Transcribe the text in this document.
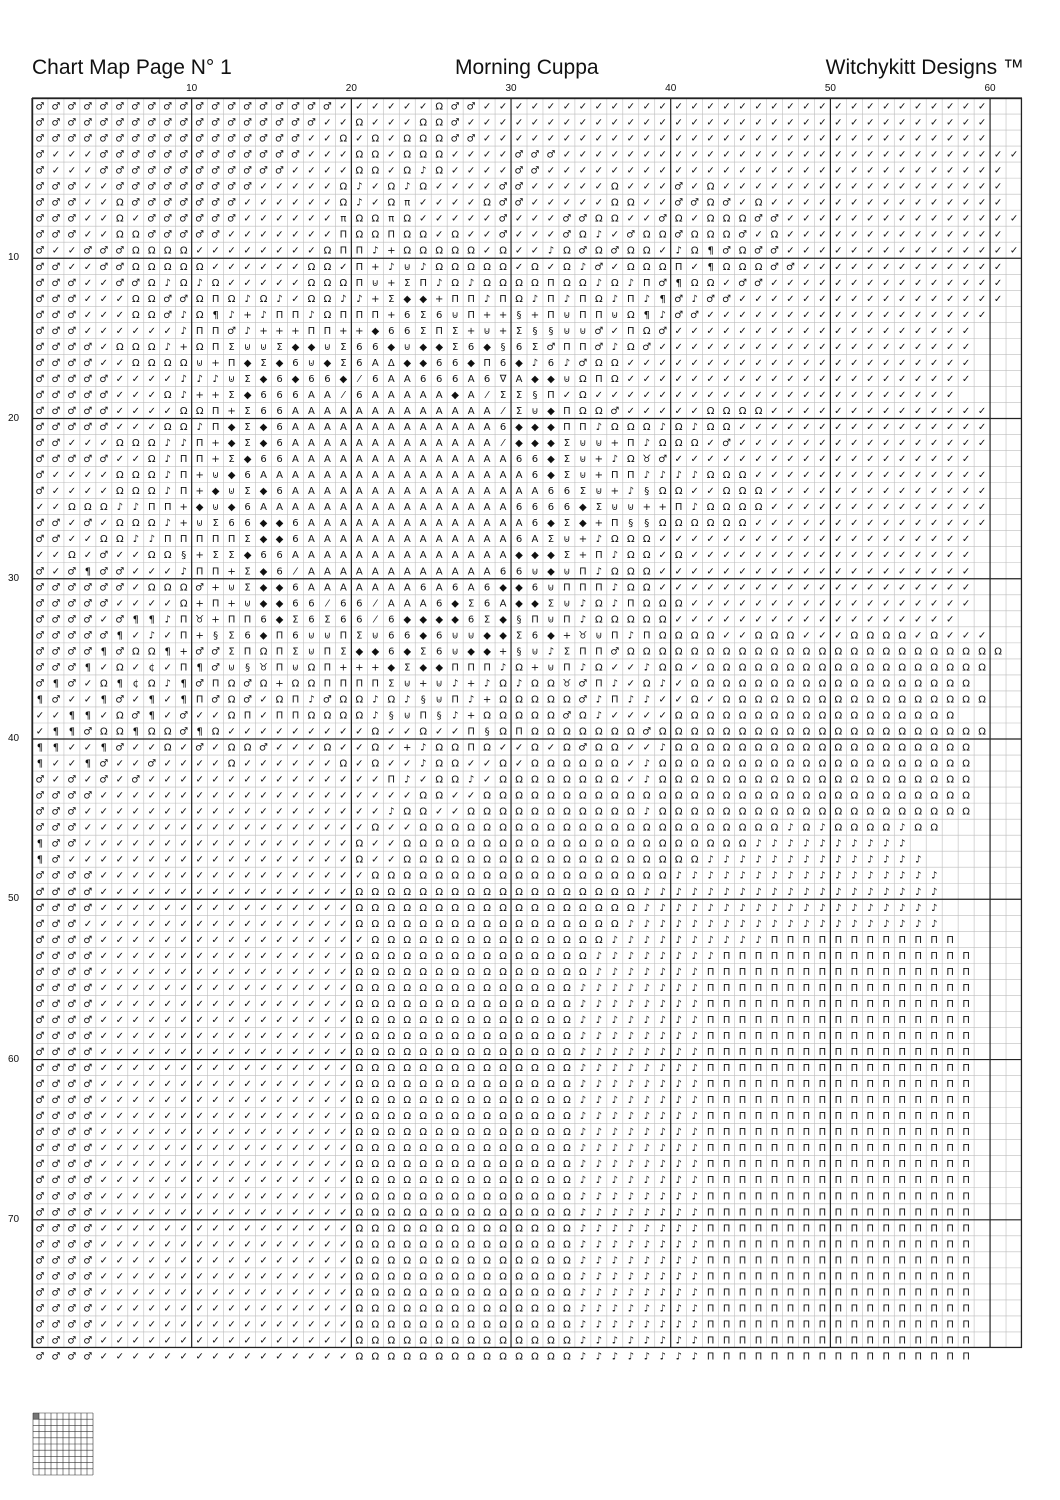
Chart Map Page N° 1	Morning Cuppa	Witchykitt Designs ™
10	20	30	40	50	60
10
20
30
40
50
60
70
♂ ♂ ♂ ♂ ♂ ♂ ♂ ♂ ♂ ♂ ♂ ♂ ♂ ♂ ♂ ♂ ♂ ♂ ♂ ✓ ✓ ✓ ✓ ✓ ✓ Ω ♂ ♂ ✓ ✓ ✓ ✓ ✓ ✓ ✓ ✓ ✓ ✓ ✓ ✓ ✓ ✓ ✓ ✓ ✓ ✓ ✓ ✓ ✓ ✓ ✓ ✓ ✓ ✓ ✓ ✓ ✓ ✓ ✓ ✓
♂ ♂ ♂ ♂ ♂ ♂ ♂ ♂ ♂ ♂ ♂ ♂ ♂ ♂ ♂ ♂ ♂ ♂ ✓ ✓ Ω ✓ ✓ ✓ Ω Ω ♂ ✓ ✓ ✓ ✓ ✓ ✓ ✓ ✓ ✓ ✓ ✓ ✓ ✓ ✓ ✓ ✓ ✓ ✓ ✓ ✓ ✓ ✓ ✓ ✓ ✓ ✓ ✓ ✓ ✓ ✓ ✓ ✓ ✓
♂ ♂ ♂ ♂ ♂ ♂ ♂ ♂ ♂ ♂ ♂ ♂ ♂ ♂ ♂ ♂ ♂ ✓ ✓ Ω ✓ Ω ✓ Ω Ω Ω ♂ ♂ ✓ ✓ ✓ ✓ ✓ ✓ ✓ ✓ ✓ ✓ ✓ ✓ ✓ ✓ ✓ ✓ ✓ ✓ ✓ ✓ ✓ ✓ ✓ ✓ ✓ ✓ ✓ ✓ ✓ ✓ ✓ ✓
♂ ✓ ✓ ✓ ♂ ♂ ♂ ♂ ♂ ♂ ♂ ♂ ♂ ♂ ♂ ♂ ♂ ✓ ✓ ✓ Ω Ω ✓ Ω Ω Ω ✓ ✓ ✓ ✓ ♂ ♂ ♂ ✓ ✓ ✓ ✓ ✓ ✓ ✓ ✓ ✓ ✓ ✓ ✓ ✓ ✓ ✓ ✓ ✓ ✓ ✓ ✓ ✓ ✓ ✓ ✓ ✓ ✓ ✓ ✓ ✓
♂ ✓ ✓ ✓ ♂ ♂ ♂ ♂ ♂ ♂ ♂ ♂ ♂ ♂ ♂ ♂ ✓ ✓ ✓ ✓ Ω Ω ✓ Ω ♪ Ω ✓ ✓ ✓ ✓ ♂ ♂ ✓ ✓ ✓ ✓ ✓ ✓ ✓ ✓ ✓ ✓ ✓ ✓ ✓ ✓ ✓ ✓ ✓ ✓ ✓ ✓ ✓ ✓ ✓ ✓ ✓ ✓ ✓ ✓ ✓
♂ ♂ ♂ ✓ ✓ ♂ ♂ ♂ ♂ ♂ ♂ ♂ ♂ ♂ ✓ ✓ ✓ ✓ ✓ Ω ♪ ✓ Ω ♪ Ω ✓ ✓ ✓ ✓ ♂ ♂ ✓ ✓ ✓ ✓ ✓ Ω ✓ ✓ ✓ ♂ ✓ Ω ✓ ✓ ✓ ✓ ✓ ✓ ✓ ✓ ✓ ✓ ✓ ✓ ✓ ✓ ✓ ✓ ✓ ✓
♂ ♂ ♂ ✓ ✓ Ω ♂ ♂ ♂ ♂ ♂ ♂ ♂ ✓ ✓ ✓ ✓ ✓ ✓ Ω ♪ ✓ Ω π ✓ ✓ ✓ ✓ Ω ♂ ♂ ✓ ✓ ✓ ✓ ✓ Ω Ω ✓ ✓ ♂ ♂ Ω ♂ ✓ Ω ✓ ✓ ✓ ✓ ✓ ✓ ✓ ✓ ✓ ✓ ✓ ✓ ✓ ✓ ✓
♂ ♂ ♂ ✓ ✓ Ω ✓ ♂ ♂ ♂ ♂ ♂ ♂ ✓ ✓ ✓ ✓ ✓ ✓ π Ω Ω π Ω ✓ ✓ ✓ ✓ ✓ ♂ ✓ ✓ ✓ ♂ ♂ Ω Ω ✓ ✓ ♂ Ω ✓ Ω Ω Ω ♂ ♂ ✓ ✓ ✓ ✓ ✓ ✓ ✓ ✓ ✓ ✓ ✓ ✓ ✓ ✓ ✓
♂ ♂ ♂ ✓ ✓ Ω Ω ♂ ♂ ♂ ♂ ♂ ✓ ✓ ✓ ✓ ✓ ✓ ✓ Π Ω Ω Π Ω Ω ✓ Ω ✓ ✓ ♂ ✓ ✓ ✓ ♂ Ω ♪ ✓ ♂ Ω Ω ♂ Ω Ω Ω ♂ ✓ Ω ✓ ✓ ✓ ✓ ✓ ✓ ✓ ✓ ✓ ✓ ✓ ✓ ✓ ✓
♂ ✓ ✓ ♂ ♂ ♂ Ω Ω Ω Ω ✓ ✓ ✓ ✓ ✓ ✓ ✓ ✓ Ω Π Π ♪ + Ω Ω Ω Ω Ω ✓ Ω ✓ ✓ ♪ Ω ♂ Ω ♂ Ω Ω ✓ ♪ Ω ¶ ♂ Ω ♂ ♂ ✓ ✓ ✓ ✓ ✓ ✓ ✓ ✓ ✓ ✓ ✓ ✓ ✓ ✓ ✓
♂ ♂ ✓ ✓ ♂ ♂ Ω Ω Ω Ω Ω ✓ ✓ ✓ ✓ ✓ ✓ Ω Ω ✓ Π + ♪ ⊍ ♪ Ω Ω Ω Ω Ω ✓ Ω ✓ Ω ♪ ♂ ✓ Ω Ω Ω Π ✓ ¶ Ω Ω Ω ♂ ♂ ✓ ✓ ✓ ✓ ✓ ✓ ✓ ✓ ✓ ✓ ✓ ✓ ✓
♂ ♂ ♂ ✓ ✓ ♂ ♂ Ω ♪ Ω ♪ Ω ✓ ✓ ✓ ✓ ✓ Ω Ω Ω Π ⊍ + Σ Π ♪ Ω ♪ Ω Ω Ω Ω Π Ω Ω ♪ Ω ♪ Π ♂ ¶ Ω Ω ✓ ♂ ♂ ✓ ✓ ✓ ✓ ✓ ✓ ✓ ✓ ✓ ✓ ✓ ✓ ✓ ✓ ✓
♂ ♂ ♂ ✓ ✓ ✓ Ω Ω ♂ ♂ Ω Π Ω ♪ Ω ♪ ✓ Ω Ω ♪ ♪ + Σ ◆ ◆ + Π Π ♪ Π Ω ♪ Π ♪ Π Ω ♪ Π ♪ ¶ ♂ ♪ ♂ ♂ ✓ ✓ ✓ ✓ ✓ ✓ ✓ ✓ ✓ ✓ ✓ ✓ ✓ ✓ ✓ ✓ ✓
♂ ♂ ♂ ✓ ✓ ✓ Ω Ω ♂ ♪ Ω ¶ ♪ + ♪ Π Π ♪ Ω Π Π Π + 6 Σ 6 ⊍ Π + + § + Π ⊍ Π Π ⊍ Ω ¶ ♪ ♂ ♂ ✓ ✓ ✓ ✓ ✓ ✓ ✓ ✓ ✓ ✓ ✓ ✓ ✓ ✓ ✓ ✓ ✓ ✓
♂ ♂ ♂ ✓ ✓ ✓ ✓ ✓ ✓ ♪ Π Π ♂ ♪ + + + Π Π + + ◆ 6 6 Σ Π Σ + ⊍ + Σ § § ⊍ ⊍ ♂ ✓ Π Ω ♂ ✓ ✓ ✓ ✓ ✓ ✓ ✓ ✓ ✓ ✓ ✓ ✓ ✓ ✓ ✓ ✓ ✓ ✓ ✓
♂ ♂ ♂ ♂ ✓ Ω Ω Ω ♪ + Ω Π Σ ⊍ ⊍ Σ ◆ ◆ ⊍ Σ 6 6 ◆ ⊍ ◆ ◆ Σ 6 ◆ § 6 Σ ♂ Π Π ♂ ♪ Ω ♂ ✓ ✓ ✓ ✓ ✓ ✓ ✓ ✓ ✓ ✓ ✓ ✓ ✓ ✓ ✓ ✓ ✓ ✓ ✓ ✓
♂ ♂ ♂ ♂ ✓ ✓ Ω Ω Ω Ω ⊍ + Π ◆ Σ ◆ 6 ⊍ ◆ Σ 6 A Δ ◆ ◆ 6 6 ◆ Π 6 ◆ ♪ 6 ♪ ♂ Ω Ω ✓ ✓ ✓ ✓ ✓ ✓ ✓ ✓ ✓ ✓ ✓ ✓ ✓ ✓ ✓ ✓ ✓ ✓ ✓ ✓ ✓ ✓
♂ ♂ ♂ ♂ ♂ ✓ ✓ ✓ ✓ ♪ ♪ ♪ ⊍ Σ ◆ 6 ◆ 6 6 ◆ ⁄ 6 A A 6 6 6 A 6 ∇ A ◆ ◆ ⊍ Ω Π Ω ✓ ✓ ✓ ✓ ✓ ✓ ✓ ✓ ✓ ✓ ✓ ✓ ✓ ✓ ✓ ✓ ✓ ✓ ✓ ✓ ✓ ✓
♂ ♂ ♂ ♂ ♂ ✓ ✓ ✓ Ω ♪ + + Σ ◆ 6 6 6 A A ⁄ 6 A A A A A ◆ A ⁄ Σ Σ § Π ✓ Ω ✓ ✓ ✓ ✓ ✓ ✓ ✓ ✓ ✓ ✓ ✓ ✓ ✓ ✓ ✓ ✓ ✓ ✓ ✓ ✓ ✓ ✓ ✓
♂ ♂ ♂ ♂ ♂ ✓ ✓ ✓ ✓ Ω Ω Π + Σ 6 6 A A A A A A A A A A A A A ⁄ Σ ⊍ ◆ Π Ω Ω ♂ ✓ ✓ ✓ ✓ ✓ Ω Ω Ω Ω ✓ ✓ ✓ ✓ ✓ ✓ ✓ ✓ ✓ ✓ ✓ ✓ ✓ ✓
♂ ♂ ♂ ♂ ♂ ✓ ✓ ✓ Ω Ω ♪ Π ◆ Σ ◆ 6 A A A A A A A A A A A A A 6 ◆ ◆ ◆ Π Π ♪ Ω Ω Ω ♪ Ω ♪ Ω Ω ✓ ✓ ✓ ✓ ✓ ✓ ✓ ✓ ✓ ✓ ✓ ✓ ✓ ✓ ✓ ✓
♂ ♂ ✓ ✓ ✓ Ω Ω Ω ♪ ♪ Π + ◆ Σ ◆ 6 A A A A A A A A A A A A A ⁄ ◆ ◆ ◆ Σ ⊍ ⊍ + Π ♪ Ω Ω Ω ✓ ♂ ✓ ✓ ✓ ✓ ✓ ✓ ✓ ✓ ✓ ✓ ✓ ✓ ✓ ✓ ✓ ✓
♂ ♂ ♂ ♂ ♂ ✓ ✓ Ω ♪ Π Π + Σ ◆ 6 6 A A A A A A A A A A A A A A 6 6 ◆ Σ ⊍ + ♪ Ω ♉ ♂ ✓ ✓ ✓ ✓ ✓ ✓ ✓ ✓ ✓ ✓ ✓ ✓ ✓ ✓ ✓ ✓ ✓ ✓ ✓
♂ ✓ ✓ ✓ ✓ Ω Ω Ω ♪ Π + ⊍ ◆ 6 A A A A A A A A A A A A A A A A A 6 ◆ Σ ⊍ + Π Π ♪ ♪ ♪ ♪ Ω Ω Ω ✓ ✓ ✓ ✓ ✓ ✓ ✓ ✓ ✓ ✓ ✓ ✓ ✓ ✓ ✓
♂ ✓ ✓ ✓ ✓ Ω Ω Ω ♪ Π + ◆ ⊍ Σ ◆ 6 A A A A A A A A A A A A A A A A 6 6 Σ ⊍ + ♪ § Ω Ω ✓ ✓ Ω Ω Ω ✓ ✓ ✓ ✓ ✓ ✓ ✓ ✓ ✓ ✓ ✓ ✓ ✓ ✓
✓ ✓ Ω Ω Ω ♪ ♪ Π Π + ◆ ⊍ ◆ 6 A A A A A A A A A A A A A A A A 6 6 6 6 ◆ Σ ⊍ ⊍ + + Π ♪ Ω Ω Ω Ω ✓ ✓ ✓ ✓ ✓ ✓ ✓ ✓ ✓ ✓ ✓ ✓ ✓ ✓
♂ ♂ ✓ ♂ ✓ Ω Ω Ω ♪ + ⊍ Σ 6 6 ◆ ◆ 6 A A A A A A A A A A A A A A 6 ◆ Σ ◆ + Π § § Ω Ω Ω Ω Ω Ω ✓ ✓ ✓ ✓ ✓ ✓ ✓ ✓ ✓ ✓ ✓ ✓ ✓ ✓ ✓
♂ ♂ ✓ ✓ Ω Ω ♪ ♪ Π Π Π Π Π Σ ◆ ◆ 6 A A A A A A A A A A A A A 6 A Σ ⊍ + ♪ Ω Ω Ω ✓ ✓ ✓ ✓ ✓ ✓ ✓ ✓ ✓ ✓ ✓ ✓ ✓ ✓ ✓ ✓ ✓ ✓ ✓ ✓
✓ ✓ Ω ✓ ♂ ✓ ✓ Ω Ω § + Σ Σ ◆ 6 6 A A A A A A A A A A A A A A ◆ ◆ ◆ Σ + Π ♪ Ω Ω ✓ Ω ✓ ✓ ✓ ✓ ✓ ✓ ✓ ✓ ✓ ✓ ✓ ✓ ✓ ✓ ✓ ✓ ✓ ✓
♂ ✓ ♂ ¶ ♂ ♂ ✓ ✓ ✓ ♪ Π Π + Σ ◆ 6 ⁄ A A A A A A A A A A A A 6 6 ⊍ ◆ ⊍ Π ♪ Ω Ω Ω ✓ ✓ ✓ ✓ ✓ ✓ ✓ ✓ ✓ ✓ ✓ ✓ ✓ ✓ ✓ ✓ ✓ ✓ ✓ ✓
♂ ♂ ♂ ♂ ♂ ♂ ✓ Ω Ω Ω ♂ + ⊍ Σ ◆ ◆ 6 A A A A A A A 6 A 6 A 6 ◆ ◆ 6 ⊍ Π Π Π ♪ Ω Ω ✓ ✓ ✓ ✓ ✓ ✓ ✓ ✓ ✓ ✓ ✓ ✓ ✓ ✓ ✓ ✓ ✓ ✓ ✓ ✓
♂ ♂ ♂ ♂ ♂ ✓ ✓ ✓ ✓ Ω + Π + ⊍ ◆ ◆ 6 6 ⁄ 6 6 ⁄ A A A 6 ◆ Σ 6 A ◆ ◆ Σ ⊍ ♪ Ω ♪ Π Ω Ω Ω ✓ ✓ ✓ ✓ ✓ ✓ ✓ ✓ ✓ ✓ ✓ ✓ ✓ ✓ ✓ ✓ ✓ ✓
♂ ♂ ♂ ♂ ✓ ♂ ¶ ¶ ♪ Π ♉ + Π Π 6 ◆ Σ 6 Σ 6 6 ⁄ 6 ◆ ◆ ◆ ◆ 6 Σ ◆ § Π ⊍ Π ♪ Ω Ω Ω Ω Ω ✓ ✓ ✓ ✓ ✓ ✓ ✓ ✓ ✓ ✓ ✓ ✓ ✓ ✓ ✓ ✓ ✓ ✓
♂ ♂ ♂ ♂ ♂ ¶ ✓ ♪ ✓ Π + § Σ 6 ◆ Π 6 ⊍ ⊍ Π Σ ⊍ 6 6 ◆ 6 ⊍ ⊍ ◆ ◆ Σ 6 ◆ + ♉ ⊍ Π ♪ Π Ω Ω Ω Ω ✓ ✓ Ω Ω Ω ✓ ✓ ✓ Ω Ω Ω Ω ✓ Ω ✓ ✓ ✓
♂ ♂ ♂ ♂ ¶ ♂ Ω Ω ¶ + ♂ ♂ Σ Π Ω Π Σ ⊍ Π Σ ◆ ◆ 6 ◆ Σ 6 ⊍ ◆ ◆ + § ⊍ ♪ Σ Π Π ♂ Ω Ω Ω Ω Ω Ω Ω Ω Ω Ω Ω Ω Ω Ω Ω Ω Ω Ω Ω Ω Ω Ω Ω Ω
♂ ♂ ♂ ¶ ✓ Ω ✓ ¢ ✓ Π ¶ ♂ ⊍ § ♉ Π ⊍ Ω Π + + + ◆ Σ ◆ ◆ Π Π Π ♪ Ω + ⊍ Π ♪ Ω ✓ ✓ ♪ Ω Ω ✓ Ω Ω Ω Ω Ω Ω Ω Ω Ω Ω Ω Ω Ω Ω Ω Ω Ω Ω
♂ ¶ ♂ ✓ Ω ¶ ¢ Ω ♪ ¶ ♂ Π Ω ♂ Ω + Ω Ω Π Π Π Π Σ ⊍ + ⊍ ♪ + ♪ Ω ♪ Ω Ω ♉ ♂ Π ♪ ✓ Ω ♪ ✓ Ω Ω Ω Ω Ω Ω Ω Ω Ω Ω Ω Ω Ω Ω Ω Ω Ω Ω
¶ ♂ ✓ ✓ ¶ ♂ ✓ ¶ ✓ ¶ Π ♂ Ω ♂ ✓ Ω Π ♪ ♂ Ω Ω ♪ Ω ♪ § ⊍ Π ♪ + Ω Ω Ω Ω Ω ♂ ♪ Π ♪ ♪ ✓ ✓ Ω ✓ Ω Ω Ω Ω Ω Ω Ω Ω Ω Ω Ω Ω Ω Ω Ω Ω Ω
✓ ✓ ¶ ¶ ✓ Ω ♂ ¶ ✓ ♂ ✓ ✓ Ω Π ✓ Π Π Ω Ω Ω Ω ♪ § ⊍ Π § ♪ + Ω Ω Ω Ω Ω ♂ Ω ♪ ✓ ✓ ✓ ✓ Ω Ω Ω Ω Ω Ω Ω Ω Ω Ω Ω Ω Ω Ω Ω Ω Ω Ω
✓ ¶ ¶ ♂ Ω Ω ¶ Ω Ω ♂ ¶ Ω ✓ ✓ ✓ ✓ ✓ ✓ ✓ ✓ ✓ Ω ✓ ✓ Ω ✓ ✓ Π § Ω Π Ω Ω Ω Ω Ω Ω Ω ♂ Ω Ω Ω Ω Ω Ω Ω Ω Ω Ω Ω Ω Ω Ω Ω Ω Ω Ω Ω Ω Ω
¶ ¶ ✓ ✓ ¶ ♂ ✓ ✓ Ω ✓ ♂ ✓ Ω Ω ♂ ✓ ✓ ✓ Ω ✓ ✓ Ω ✓ + ♪ Ω Ω Π Ω ✓ ✓ Ω ✓ Ω ♂ Ω Ω ✓ ✓ ♪ Ω Ω Ω Ω Ω Ω Ω Ω Ω Ω Ω Ω Ω Ω Ω Ω Ω Ω Ω
¶ ✓ ✓ ¶ ♂ ✓ ✓ ♂ ✓ ✓ ✓ ✓ Ω ✓ ✓ ✓ ✓ ✓ ✓ Ω ✓ Ω ✓ ✓ ♪ Ω Ω ✓ ✓ Ω ✓ Ω Ω Ω Ω Ω Ω ✓ ♪ Ω Ω Ω Ω Ω Ω Ω Ω Ω Ω Ω Ω Ω Ω Ω Ω Ω Ω Ω Ω
♂ ✓ ♂ ✓ ♂ ✓ ♂ ✓ ✓ ✓ ✓ ✓ ✓ ✓ ✓ ✓ ✓ ✓ ✓ ✓ ✓ ✓ Π ♪ ✓ Ω Ω ♪ ✓ Ω Ω Ω Ω Ω Ω Ω Ω ✓ ♪ Ω Ω Ω Ω Ω Ω Ω Ω Ω Ω Ω Ω Ω Ω Ω Ω Ω Ω Ω Ω
♂ ♂ ♂ ♂ ✓ ✓ ✓ ✓ ✓ ✓ ✓ ✓ ✓ ✓ ✓ ✓ ✓ ✓ ✓ ✓ ✓ ✓ ✓ ✓ Ω Ω ✓ ✓ Ω Ω Ω Ω Ω Ω Ω Ω Ω Ω Ω Ω Ω Ω Ω Ω Ω Ω Ω Ω Ω Ω Ω Ω Ω Ω Ω Ω Ω Ω Ω
♂ ♂ ♂ ✓ ✓ ✓ ✓ ✓ ✓ ✓ ✓ ✓ ✓ ✓ ✓ ✓ ✓ ✓ ✓ ✓ ✓ ✓ ♪ Ω Ω ✓ ✓ Ω Ω Ω Ω Ω Ω Ω Ω Ω Ω Ω ♪ Ω Ω Ω Ω Ω Ω Ω Ω Ω Ω Ω Ω Ω Ω Ω Ω Ω Ω Ω Ω
♂ ♂ ♂ ✓ ✓ ✓ ✓ ✓ ✓ ✓ ✓ ✓ ✓ ✓ ✓ ✓ ✓ ✓ ✓ ✓ ✓ Ω ✓ ✓ Ω Ω Ω Ω Ω Ω Ω Ω Ω Ω Ω Ω Ω Ω Ω Ω Ω Ω Ω Ω Ω Ω Ω ♪ Ω ♪ Ω Ω Ω Ω ♪ Ω Ω
¶ ♂ ♂ ✓ ✓ ✓ ✓ ✓ ✓ ✓ ✓ ✓ ✓ ✓ ✓ ✓ ✓ ✓ ✓ ✓ Ω ✓ ✓ Ω Ω Ω Ω Ω Ω Ω Ω Ω Ω Ω Ω Ω Ω Ω Ω Ω Ω Ω Ω Ω Ω ♪ ♪ ♪ ♪ ♪ ♪ ♪ ♪ ♪ ♪
¶ ♂ ✓ ✓ ✓ ✓ ✓ ✓ ✓ ✓ ✓ ✓ ✓ ✓ ✓ ✓ ✓ ✓ ✓ ✓ Ω ✓ ✓ Ω Ω Ω Ω Ω Ω Ω Ω Ω Ω Ω Ω Ω Ω Ω Ω Ω Ω Ω ♪ ♪ ♪ ♪ ♪ ♪ ♪ ♪ ♪ ♪ ♪ ♪ ♪ ♪
♂ ♂ ♂ ♂ ✓ ✓ ✓ ✓ ✓ ✓ ✓ ✓ ✓ ✓ ✓ ✓ ✓ ✓ ✓ ✓ ✓ Ω Ω Ω Ω Ω Ω Ω Ω Ω Ω Ω Ω Ω Ω Ω Ω Ω Ω Ω ♪ ♪ ♪ ♪ ♪ ♪ ♪ ♪ ♪ ♪ ♪ ♪ ♪ ♪ ♪ ♪ ♪
♂ ♂ ♂ ♂ ✓ ✓ ✓ ✓ ✓ ✓ ✓ ✓ ✓ ✓ ✓ ✓ ✓ ✓ ✓ ✓ Ω Ω Ω Ω Ω Ω Ω Ω Ω Ω Ω Ω Ω Ω Ω Ω Ω Ω ♪ ♪ ♪ ♪ ♪ ♪ ♪ ♪ ♪ ♪ ♪ ♪ ♪ ♪ ♪ ♪ ♪ ♪ ♪
♂ ♂ ♂ ♂ ✓ ✓ ✓ ✓ ✓ ✓ ✓ ✓ ✓ ✓ ✓ ✓ ✓ ✓ ✓ ✓ Ω Ω Ω Ω Ω Ω Ω Ω Ω Ω Ω Ω Ω Ω Ω Ω Ω Ω ♪ ♪ ♪ ♪ ♪ ♪ ♪ ♪ ♪ ♪ ♪ ♪ ♪ ♪ ♪ ♪ ♪ ♪ ♪
♂ ♂ ♂ ✓ ✓ ✓ ✓ ✓ ✓ ✓ ✓ ✓ ✓ ✓ ✓ ✓ ✓ ✓ ✓ ✓ Ω Ω Ω Ω Ω Ω Ω Ω Ω Ω Ω Ω Ω Ω Ω Ω Ω ♪ ♪ ♪ ♪ ♪ ♪ ♪ ♪ ♪ ♪ ♪ ♪ ♪ ♪ ♪ ♪ ♪ ♪ ♪ ♪
♂ ♂ ♂ ♂ ✓ ✓ ✓ ✓ ✓ ✓ ✓ ✓ ✓ ✓ ✓ ✓ ✓ ✓ ✓ ✓ ✓ Ω Ω Ω Ω Ω Ω Ω Ω Ω Ω Ω Ω Ω Ω Ω ♪ ♪ ♪ ♪ ♪ ♪ ♪ ♪ ♪ ♪ Π Π Π Π Π Π Π Π Π Π Π Π
♂ ♂ ♂ ♂ ✓ ✓ ✓ ✓ ✓ ✓ ✓ ✓ ✓ ✓ ✓ ✓ ✓ ✓ ✓ ✓ Ω Ω Ω Ω Ω Ω Ω Ω Ω Ω Ω Ω Ω Ω Ω ♪ ♪ ♪ ♪ ♪ ♪ ♪ ♪ Π Π Π Π Π Π Π Π Π Π Π Π Π Π Π Π
♂ ♂ ♂ ♂ ✓ ✓ ✓ ✓ ✓ ✓ ✓ ✓ ✓ ✓ ✓ ✓ ✓ ✓ ✓ ✓ Ω Ω Ω Ω Ω Ω Ω Ω Ω Ω Ω Ω Ω Ω Ω ♪ ♪ ♪ ♪ ♪ ♪ ♪ Π Π Π Π Π Π Π Π Π Π Π Π Π Π Π Π Π
♂ ♂ ♂ ♂ ✓ ✓ ✓ ✓ ✓ ✓ ✓ ✓ ✓ ✓ ✓ ✓ ✓ ✓ ✓ ✓ Ω Ω Ω Ω Ω Ω Ω Ω Ω Ω Ω Ω Ω Ω ♪ ♪ ♪ ♪ ♪ ♪ ♪ ♪ Π Π Π Π Π Π Π Π Π Π Π Π Π Π Π Π Π
♂ ♂ ♂ ♂ ✓ ✓ ✓ ✓ ✓ ✓ ✓ ✓ ✓ ✓ ✓ ✓ ✓ ✓ ✓ ✓ Ω Ω Ω Ω Ω Ω Ω Ω Ω Ω Ω Ω Ω Ω ♪ ♪ ♪ ♪ ♪ ♪ ♪ ♪ Π Π Π Π Π Π Π Π Π Π Π Π Π Π Π Π Π
♂ ♂ ♂ ♂ ✓ ✓ ✓ ✓ ✓ ✓ ✓ ✓ ✓ ✓ ✓ ✓ ✓ ✓ ✓ ✓ Ω Ω Ω Ω Ω Ω Ω Ω Ω Ω Ω Ω Ω Ω ♪ ♪ ♪ ♪ ♪ ♪ ♪ ♪ Π Π Π Π Π Π Π Π Π Π Π Π Π Π Π Π Π
♂ ♂ ♂ ♂ ✓ ✓ ✓ ✓ ✓ ✓ ✓ ✓ ✓ ✓ ✓ ✓ ✓ ✓ ✓ ✓ Ω Ω Ω Ω Ω Ω Ω Ω Ω Ω Ω Ω Ω Ω ♪ ♪ ♪ ♪ ♪ ♪ ♪ ♪ Π Π Π Π Π Π Π Π Π Π Π Π Π Π Π Π Π
♂ ♂ ♂ ♂ ✓ ✓ ✓ ✓ ✓ ✓ ✓ ✓ ✓ ✓ ✓ ✓ ✓ ✓ ✓ ✓ Ω Ω Ω Ω Ω Ω Ω Ω Ω Ω Ω Ω Ω Ω ♪ ♪ ♪ ♪ ♪ ♪ ♪ ♪ Π Π Π Π Π Π Π Π Π Π Π Π Π Π Π Π Π
♂ ♂ ♂ ♂ ✓ ✓ ✓ ✓ ✓ ✓ ✓ ✓ ✓ ✓ ✓ ✓ ✓ ✓ ✓ ✓ Ω Ω Ω Ω Ω Ω Ω Ω Ω Ω Ω Ω Ω Ω ♪ ♪ ♪ ♪ ♪ ♪ ♪ ♪ Π Π Π Π Π Π Π Π Π Π Π Π Π Π Π Π Π
♂ ♂ ♂ ♂ ✓ ✓ ✓ ✓ ✓ ✓ ✓ ✓ ✓ ✓ ✓ ✓ ✓ ✓ ✓ ✓ Ω Ω Ω Ω Ω Ω Ω Ω Ω Ω Ω Ω Ω Ω ♪ ♪ ♪ ♪ ♪ ♪ ♪ ♪ Π Π Π Π Π Π Π Π Π Π Π Π Π Π Π Π Π
♂ ♂ ♂ ♂ ✓ ✓ ✓ ✓ ✓ ✓ ✓ ✓ ✓ ✓ ✓ ✓ ✓ ✓ ✓ ✓ Ω Ω Ω Ω Ω Ω Ω Ω Ω Ω Ω Ω Ω Ω ♪ ♪ ♪ ♪ ♪ ♪ ♪ ♪ Π Π Π Π Π Π Π Π Π Π Π Π Π Π Π Π Π
♂ ♂ ♂ ♂ ✓ ✓ ✓ ✓ ✓ ✓ ✓ ✓ ✓ ✓ ✓ ✓ ✓ ✓ ✓ ✓ Ω Ω Ω Ω Ω Ω Ω Ω Ω Ω Ω Ω Ω Ω ♪ ♪ ♪ ♪ ♪ ♪ ♪ ♪ Π Π Π Π Π Π Π Π Π Π Π Π Π Π Π Π Π
♂ ♂ ♂ ♂ ✓ ✓ ✓ ✓ ✓ ✓ ✓ ✓ ✓ ✓ ✓ ✓ ✓ ✓ ✓ ✓ Ω Ω Ω Ω Ω Ω Ω Ω Ω Ω Ω Ω Ω Ω ♪ ♪ ♪ ♪ ♪ ♪ ♪ ♪ Π Π Π Π Π Π Π Π Π Π Π Π Π Π Π Π Π
♂ ♂ ♂ ♂ ✓ ✓ ✓ ✓ ✓ ✓ ✓ ✓ ✓ ✓ ✓ ✓ ✓ ✓ ✓ ✓ Ω Ω Ω Ω Ω Ω Ω Ω Ω Ω Ω Ω Ω Ω ♪ ♪ ♪ ♪ ♪ ♪ ♪ ♪ Π Π Π Π Π Π Π Π Π Π Π Π Π Π Π Π Π
♂ ♂ ♂ ♂ ✓ ✓ ✓ ✓ ✓ ✓ ✓ ✓ ✓ ✓ ✓ ✓ ✓ ✓ ✓ ✓ Ω Ω Ω Ω Ω Ω Ω Ω Ω Ω Ω Ω Ω Ω ♪ ♪ ♪ ♪ ♪ ♪ ♪ ♪ Π Π Π Π Π Π Π Π Π Π Π Π Π Π Π Π Π
♂ ♂ ♂ ♂ ✓ ✓ ✓ ✓ ✓ ✓ ✓ ✓ ✓ ✓ ✓ ✓ ✓ ✓ ✓ ✓ Ω Ω Ω Ω Ω Ω Ω Ω Ω Ω Ω Ω Ω Ω ♪ ♪ ♪ ♪ ♪ ♪ ♪ ♪ Π Π Π Π Π Π Π Π Π Π Π Π Π Π Π Π Π
♂ ♂ ♂ ♂ ✓ ✓ ✓ ✓ ✓ ✓ ✓ ✓ ✓ ✓ ✓ ✓ ✓ ✓ ✓ ✓ Ω Ω Ω Ω Ω Ω Ω Ω Ω Ω Ω Ω Ω Ω ♪ ♪ ♪ ♪ ♪ ♪ ♪ ♪ Π Π Π Π Π Π Π Π Π Π Π Π Π Π Π Π Π
♂ ♂ ♂ ♂ ✓ ✓ ✓ ✓ ✓ ✓ ✓ ✓ ✓ ✓ ✓ ✓ ✓ ✓ ✓ ✓ Ω Ω Ω Ω Ω Ω Ω Ω Ω Ω Ω Ω Ω Ω ♪ ♪ ♪ ♪ ♪ ♪ ♪ ♪ Π Π Π Π Π Π Π Π Π Π Π Π Π Π Π Π Π
♂ ♂ ♂ ♂ ✓ ✓ ✓ ✓ ✓ ✓ ✓ ✓ ✓ ✓ ✓ ✓ ✓ ✓ ✓ ✓ Ω Ω Ω Ω Ω Ω Ω Ω Ω Ω Ω Ω Ω Ω ♪ ♪ ♪ ♪ ♪ ♪ ♪ ♪ Π Π Π Π Π Π Π Π Π Π Π Π Π Π Π Π Π
♂ ♂ ♂ ♂ ✓ ✓ ✓ ✓ ✓ ✓ ✓ ✓ ✓ ✓ ✓ ✓ ✓ ✓ ✓ ✓ Ω Ω Ω Ω Ω Ω Ω Ω Ω Ω Ω Ω Ω Ω ♪ ♪ ♪ ♪ ♪ ♪ ♪ ♪ Π Π Π Π Π Π Π Π Π Π Π Π Π Π Π Π Π
♂ ♂ ♂ ♂ ✓ ✓ ✓ ✓ ✓ ✓ ✓ ✓ ✓ ✓ ✓ ✓ ✓ ✓ ✓ ✓ Ω Ω Ω Ω Ω Ω Ω Ω Ω Ω Ω Ω Ω Ω ♪ ♪ ♪ ♪ ♪ ♪ ♪ ♪ Π Π Π Π Π Π Π Π Π Π Π Π Π Π Π Π Π
♂ ♂ ♂ ♂ ✓ ✓ ✓ ✓ ✓ ✓ ✓ ✓ ✓ ✓ ✓ ✓ ✓ ✓ ✓ ✓ Ω Ω Ω Ω Ω Ω Ω Ω Ω Ω Ω Ω Ω Ω ♪ ♪ ♪ ♪ ♪ ♪ ♪ ♪ Π Π Π Π Π Π Π Π Π Π Π Π Π Π Π Π Π
♂ ♂ ♂ ♂ ✓ ✓ ✓ ✓ ✓ ✓ ✓ ✓ ✓ ✓ ✓ ✓ ✓ ✓ ✓ ✓ Ω Ω Ω Ω Ω Ω Ω Ω Ω Ω Ω Ω Ω Ω ♪ ♪ ♪ ♪ ♪ ♪ ♪ ♪ Π Π Π Π Π Π Π Π Π Π Π Π Π Π Π Π Π
♂ ♂ ♂ ♂ ✓ ✓ ✓ ✓ ✓ ✓ ✓ ✓ ✓ ✓ ✓ ✓ ✓ ✓ ✓ ✓ Ω Ω Ω Ω Ω Ω Ω Ω Ω Ω Ω Ω Ω Ω ♪ ♪ ♪ ♪ ♪ ♪ ♪ ♪ Π Π Π Π Π Π Π Π Π Π Π Π Π Π Π Π Π
♂ ♂ ♂ ♂ ✓ ✓ ✓ ✓ ✓ ✓ ✓ ✓ ✓ ✓ ✓ ✓ ✓ ✓ ✓ ✓ Ω Ω Ω Ω Ω Ω Ω Ω Ω Ω Ω Ω Ω Ω ♪ ♪ ♪ ♪ ♪ ♪ ♪ ♪ Π Π Π Π Π Π Π Π Π Π Π Π Π Π Π Π Π
♂ ♂ ♂ ♂ ✓ ✓ ✓ ✓ ✓ ✓ ✓ ✓ ✓ ✓ ✓ ✓ ✓ ✓ ✓ ✓ Ω Ω Ω Ω Ω Ω Ω Ω Ω Ω Ω Ω Ω Ω ♪ ♪ ♪ ♪ ♪ ♪ ♪ ♪ Π Π Π Π Π Π Π Π Π Π Π Π Π Π Π Π Π
♂ ♂ ♂ ♂ ✓ ✓ ✓ ✓ ✓ ✓ ✓ ✓ ✓ ✓ ✓ ✓ ✓ ✓ ✓ ✓ Ω Ω Ω Ω Ω Ω Ω Ω Ω Ω Ω Ω Ω Ω ♪ ♪ ♪ ♪ ♪ ♪ ♪ ♪ Π Π Π Π Π Π Π Π Π Π Π Π Π Π Π Π Π
